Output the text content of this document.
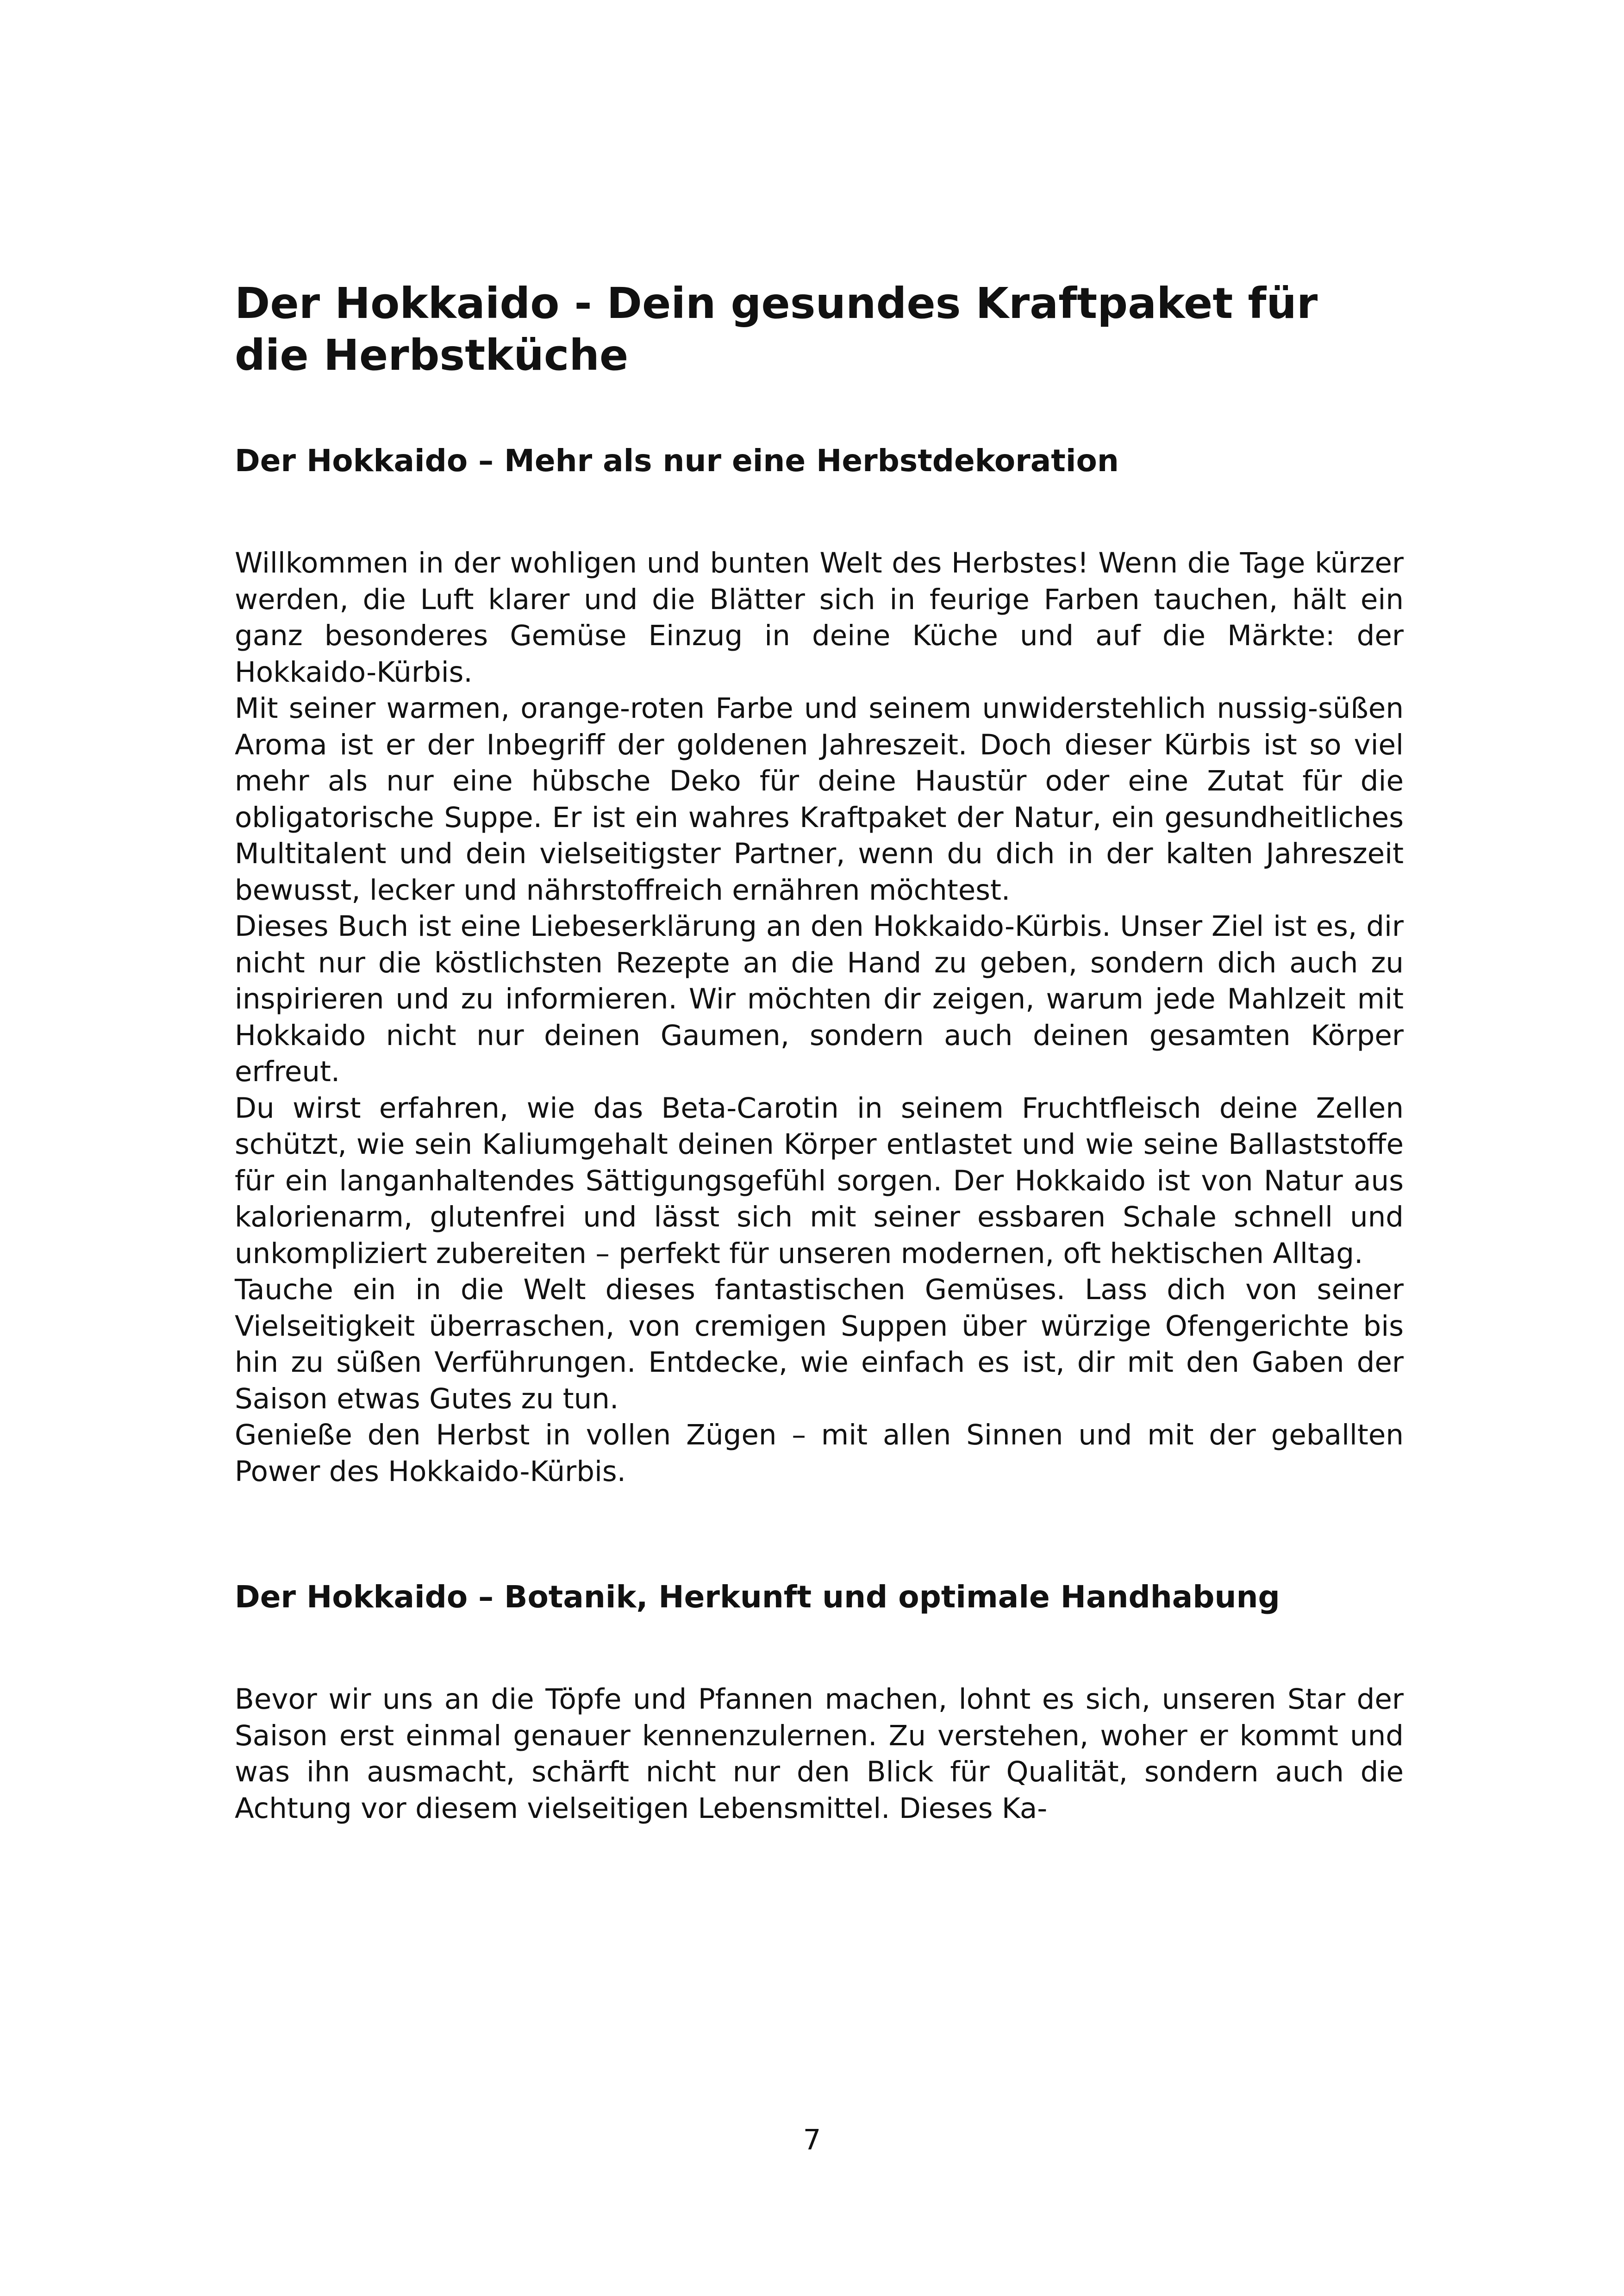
Der Hokkaido - Dein gesundes Kraftpaket für die Herbstküche
Der Hokkaido – Mehr als nur eine Herbstdekoration

Willkommen in der wohligen und bunten Welt des Herbstes! Wenn die Tage kürzer werden, die Luft klarer und die Blätter sich in feurige Farben tauchen, hält ein ganz besonderes Gemüse Einzug in deine Küche und auf die Märkte: der Hokkaido-Kürbis.

Mit seiner warmen, orange-roten Farbe und seinem unwiderstehlich nussig-süßen Aroma ist er der Inbegriff der goldenen Jahreszeit. Doch dieser Kürbis ist so viel mehr als nur eine hübsche Deko für deine Haustür oder eine Zutat für die obligatorische Suppe. Er ist ein wahres Kraftpaket der Natur, ein gesundheitliches Multitalent und dein vielseitigster Partner, wenn du dich in der kalten Jahreszeit bewusst, lecker und nährstoffreich ernähren möchtest.

Dieses Buch ist eine Liebeserklärung an den Hokkaido-Kürbis. Unser Ziel ist es, dir nicht nur die köstlichsten Rezepte an die Hand zu geben, sondern dich auch zu inspirieren und zu informieren. Wir möchten dir zeigen, warum jede Mahlzeit mit Hokkaido nicht nur deinen Gaumen, sondern auch deinen gesamten Körper erfreut.

Du wirst erfahren, wie das Beta-Carotin in seinem Fruchtfleisch deine Zellen schützt, wie sein Kaliumgehalt deinen Körper entlastet und wie seine Ballaststoffe für ein langanhaltendes Sättigungsgefühl sorgen. Der Hokkaido ist von Natur aus kalorienarm, glutenfrei und lässt sich mit seiner essbaren Schale schnell und unkompliziert zubereiten – perfekt für unseren modernen, oft hektischen Alltag.

Tauche ein in die Welt dieses fantastischen Gemüses. Lass dich von seiner Vielseitigkeit überraschen, von cremigen Suppen über würzige Ofengerichte bis hin zu süßen Verführungen. Entdecke, wie einfach es ist, dir mit den Gaben der Saison etwas Gutes zu tun.

Genieße den Herbst in vollen Zügen – mit allen Sinnen und mit der geballten Power des Hokkaido-Kürbis.

Der Hokkaido – Botanik, Herkunft und optimale Handhabung

Bevor wir uns an die Töpfe und Pfannen machen, lohnt es sich, unseren Star der Saison erst einmal genauer kennenzulernen. Zu verstehen, woher er kommt und was ihn ausmacht, schärft nicht nur den Blick für Qualität, sondern auch die Achtung vor diesem vielseitigen Lebensmittel. Dieses Ka-

7
